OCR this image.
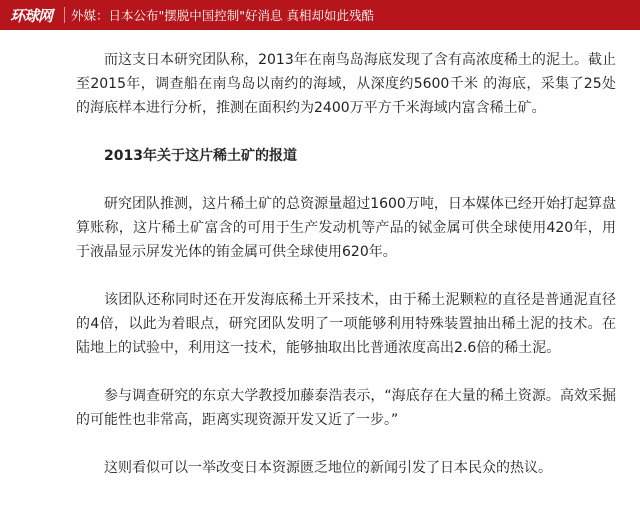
环球网	外媒：日本公布"摆脱中国控制"好消息 真相却如此残酷

而这支日本研究团队称，2013年在南鸟岛海底发现了含有高浓度稀土的泥土。截止至2015年，调查船在南鸟岛以南约的海域，从深度约5600千米 的海底，采集了25处的海底样本进行分析，推测在面积约为2400万平方千米海域内富含稀土矿。

2013年关于这片稀土矿的报道

研究团队推测，这片稀土矿的总资源量超过1600万吨，日本媒体已经开始打起算盘算账称，这片稀土矿富含的可用于生产发动机等产品的铽金属可供全球使用420年，用于液晶显示屏发光体的铕金属可供全球使用620年。

该团队还称同时还在开发海底稀土开采技术，由于稀土泥颗粒的直径是普通泥直径的4倍，以此为着眼点，研究团队发明了一项能够利用特殊装置抽出稀土泥的技术。在陆地上的试验中，利用这一技术，能够抽取出比普通浓度高出2.6倍的稀土泥。

参与调查研究的东京大学教授加藤泰浩表示，“海底存在大量的稀土资源。高效采掘的可能性也非常高，距离实现资源开发又近了一步。”

这则看似可以一举改变日本资源匮乏地位的新闻引发了日本民众的热议。
